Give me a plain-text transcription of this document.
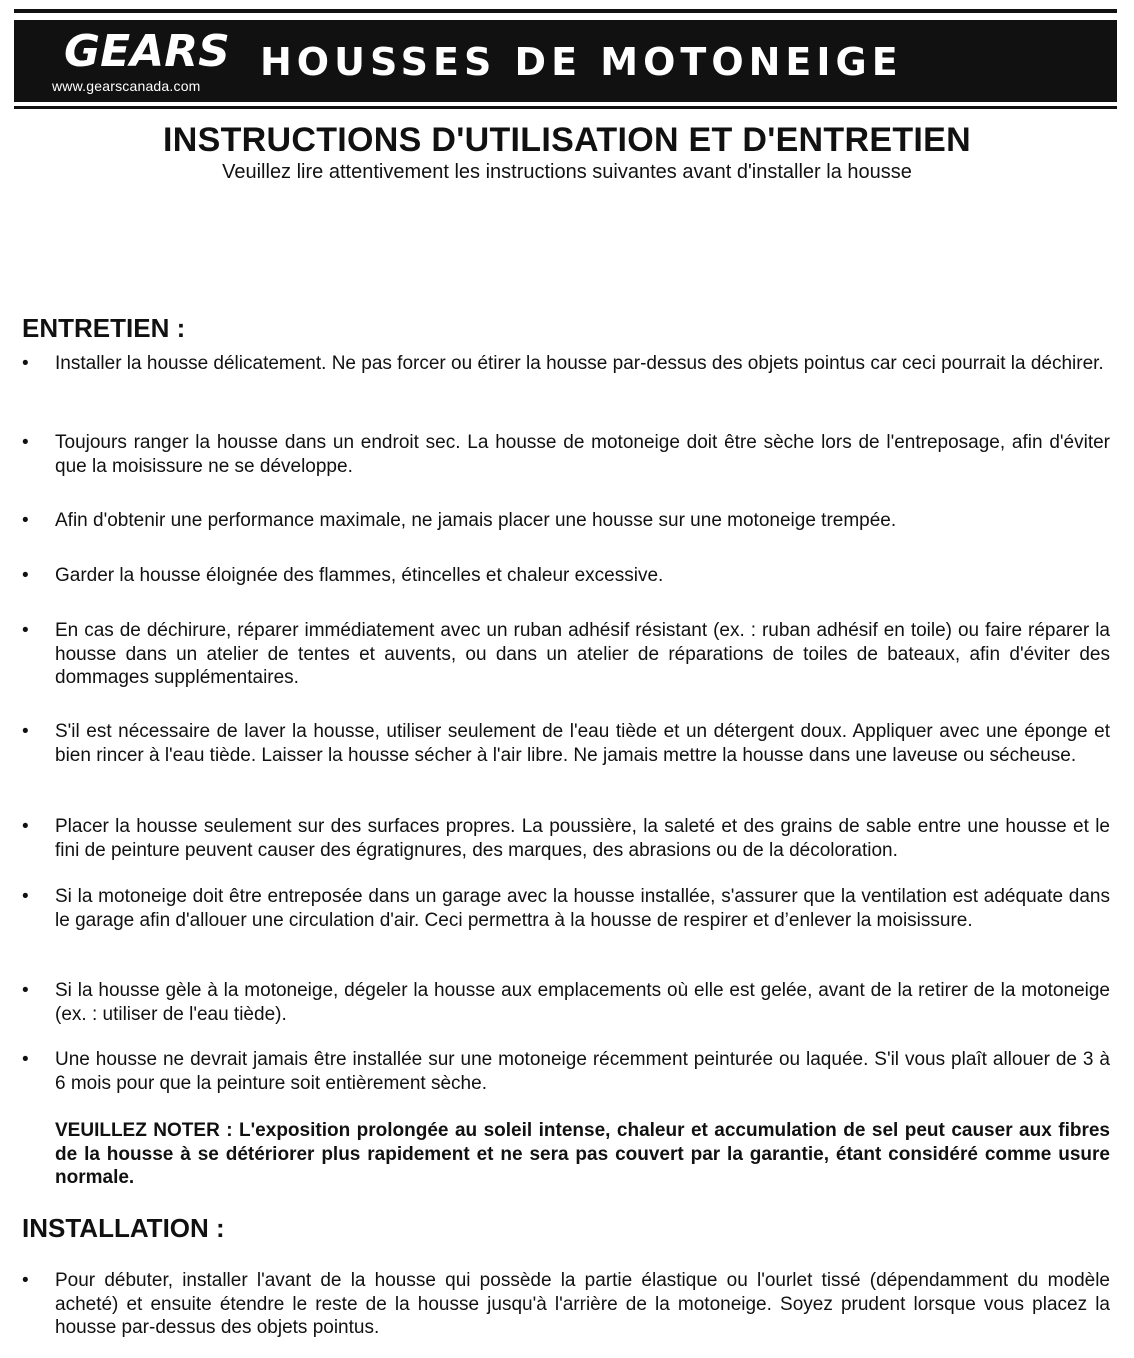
GEARS
www.gearscanada.com
HOUSSES DE MOTONEIGE
INSTRUCTIONS D'UTILISATION ET D'ENTRETIEN
Veuillez lire attentivement les instructions suivantes avant d'installer la housse
ENTRETIEN :
• Installer la housse délicatement. Ne pas forcer ou étirer la housse par-dessus des objets pointus car ceci pourrait la déchirer.
• Toujours ranger la housse dans un endroit sec. La housse de motoneige doit être sèche lors de l'entreposage, afin d'éviter que la moisissure ne se développe.
• Afin d'obtenir une performance maximale, ne jamais placer une housse sur une motoneige trempée.
• Garder la housse éloignée des flammes, étincelles et chaleur excessive.
• En cas de déchirure, réparer immédiatement avec un ruban adhésif résistant (ex. : ruban adhésif en toile) ou faire réparer la housse dans un atelier de tentes et auvents, ou dans un atelier de réparations de toiles de bateaux, afin d'éviter des dommages supplémentaires.
• S'il est nécessaire de laver la housse, utiliser seulement de l'eau tiède et un détergent doux. Appliquer avec une éponge et bien rincer à l'eau tiède. Laisser la housse sécher à l'air libre. Ne jamais mettre la housse dans une laveuse ou sécheuse.
• Placer la housse seulement sur des surfaces propres. La poussière, la saleté et des grains de sable entre une housse et le fini de peinture peuvent causer des égratignures, des marques, des abrasions ou de la décoloration.
• Si la motoneige doit être entreposée dans un garage avec la housse installée, s'assurer que la ventilation est adéquate dans le garage afin d'allouer une circulation d'air. Ceci permettra à la housse de respirer et d’enlever la moisissure.
• Si la housse gèle à la motoneige, dégeler la housse aux emplacements où elle est gelée, avant de la retirer de la motoneige (ex. : utiliser de l'eau tiède).
• Une housse ne devrait jamais être installée sur une motoneige récemment peinturée ou laquée. S'il vous plaît allouer de 3 à 6 mois pour que la peinture soit entièrement sèche.
VEUILLEZ NOTER : L'exposition prolongée au soleil intense, chaleur et accumulation de sel peut causer aux fibres de la housse à se détériorer plus rapidement et ne sera pas couvert par la garantie, étant considéré comme usure normale.
INSTALLATION :
• Pour débuter, installer l'avant de la housse qui possède la partie élastique ou l'ourlet tissé (dépendamment du modèle acheté) et ensuite étendre le reste de la housse jusqu'à l'arrière de la motoneige. Soyez prudent lorsque vous placez la housse par-dessus des objets pointus.
